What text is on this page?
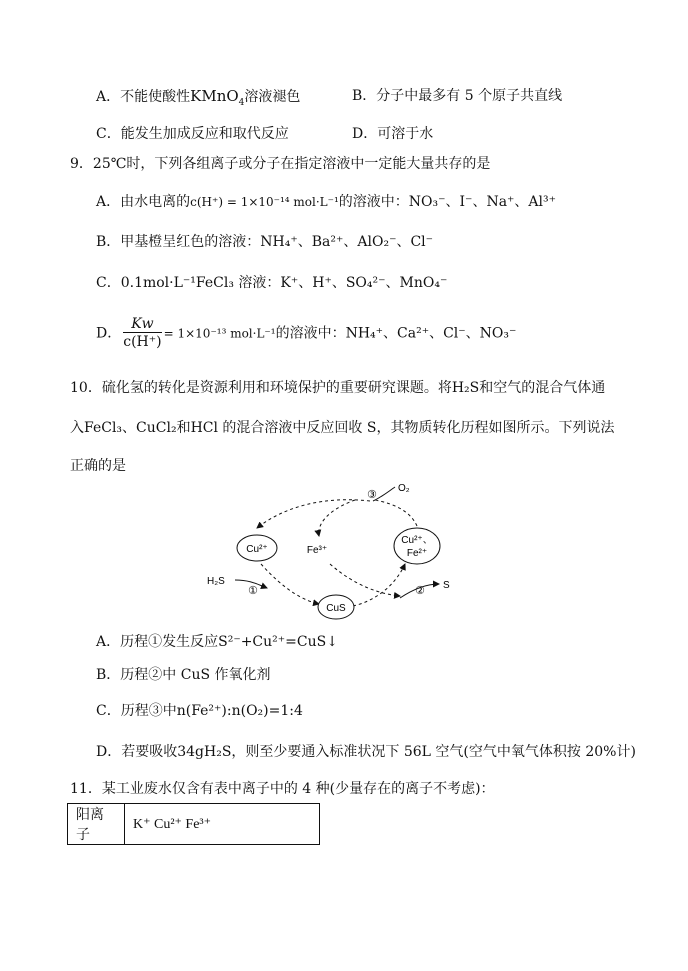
A．不能使酸性KMnO$_4$溶液褪色	B．分子中最多有 5 个原子共直线
C．能发生加成反应和取代反应	D．可溶于水
9．25℃时，下列各组离子或分子在指定溶液中一定能大量共存的是
A．由水电离的c(H⁺) = 1×10⁻¹⁴ mol·L⁻¹的溶液中：NO₃⁻、I⁻、Na⁺、Al³⁺
B．甲基橙呈红色的溶液：NH₄⁺、Ba²⁺、AlO₂⁻、Cl⁻
C．0.1mol·L⁻¹FeCl₃ 溶液：K⁺、H⁺、SO₄²⁻、MnO₄⁻
D． $\frac{Kw}{c(H^+)} = 1\times 10^{-13}$ mol·L⁻¹的溶液中：NH₄⁺、Ca²⁺、Cl⁻、NO₃⁻
10．硫化氢的转化是资源利用和环境保护的重要研究课题。将H₂S和空气的混合气体通
入FeCl₃、CuCl₂和HCl 的混合溶液中反应回收 S，其物质转化历程如图所示。下列说法
正确的是
Cu²⁺	Fe³⁺
Cu²⁺、
Fe²⁺
CuS
H₂S	S
O₂
①	②
③
A．历程①发生反应S²⁻+Cu²⁺=CuS↓
B．历程②中 CuS 作氧化剂
C．历程③中n(Fe²⁺):n(O₂)=1:4
D．若要吸收34gH₂S，则至少要通入标准状况下 56L 空气(空气中氧气体积按 20%计)
11．某工业废水仅含有表中离子中的 4 种(少量存在的离子不考虑)：
阳离子	K⁺ Cu²⁺ Fe³⁺
